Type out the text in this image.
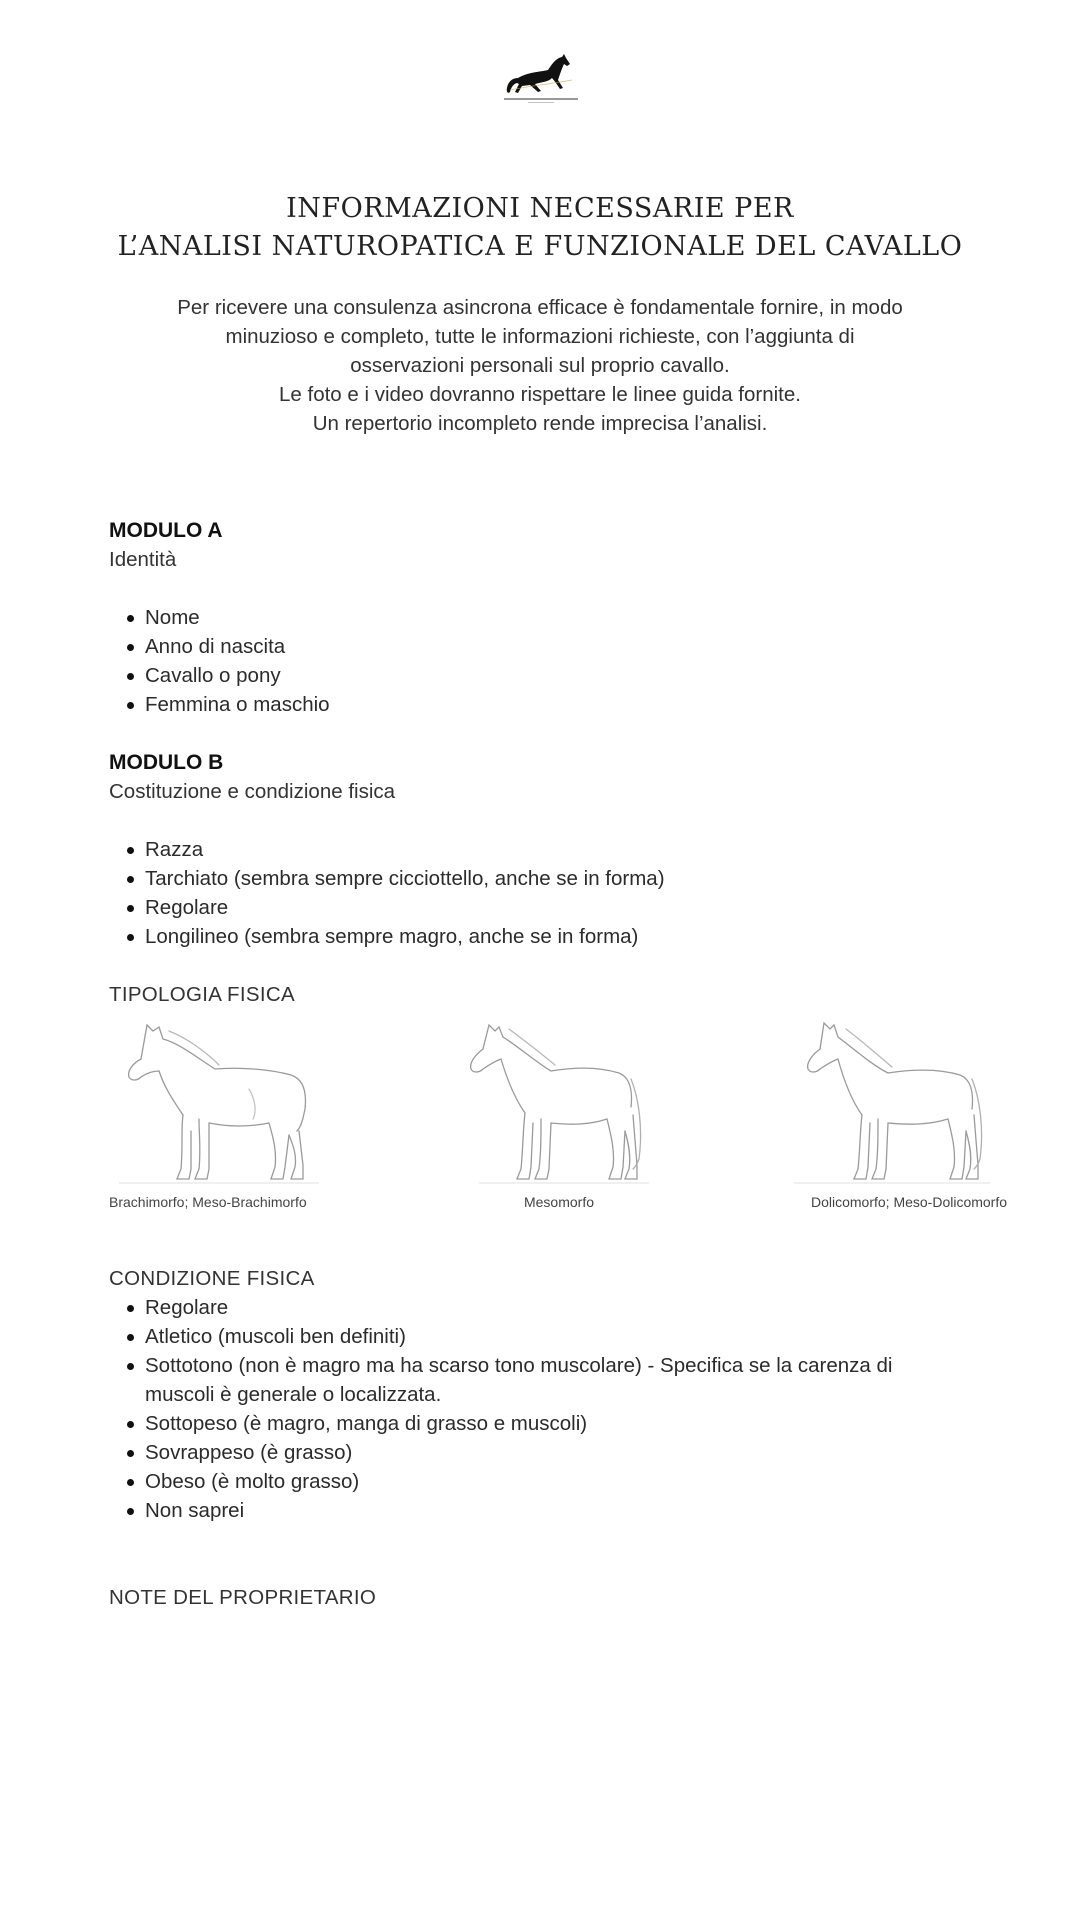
INFORMAZIONI NECESSARIE PER
L’ANALISI NATUROPATICA E FUNZIONALE DEL CAVALLO
Per ricevere una consulenza asincrona efficace è fondamentale fornire, in modo
minuzioso e completo, tutte le informazioni richieste, con l’aggiunta di
osservazioni personali sul proprio cavallo.
Le foto e i video dovranno rispettare le linee guida fornite.
Un repertorio incompleto rende imprecisa l’analisi.
MODULO A
Identità
Nome
Anno di nascita
Cavallo o pony
Femmina o maschio
MODULO B
Costituzione e condizione fisica
Razza
Tarchiato (sembra sempre cicciottello, anche se in forma)
Regolare
Longilineo (sembra sempre magro, anche se in forma)
TIPOLOGIA FISICA
Brachimorfo; Meso-Brachimorfo	Mesomorfo	Dolicomorfo; Meso-Dolicomorfo
CONDIZIONE FISICA
Regolare
Atletico (muscoli ben definiti)
Sottotono (non è magro ma ha scarso tono muscolare) - Specifica se la carenza di muscoli è generale o localizzata.
Sottopeso (è magro, manga di grasso e muscoli)
Sovrappeso (è grasso)
Obeso (è molto grasso)
Non saprei
NOTE DEL PROPRIETARIO
